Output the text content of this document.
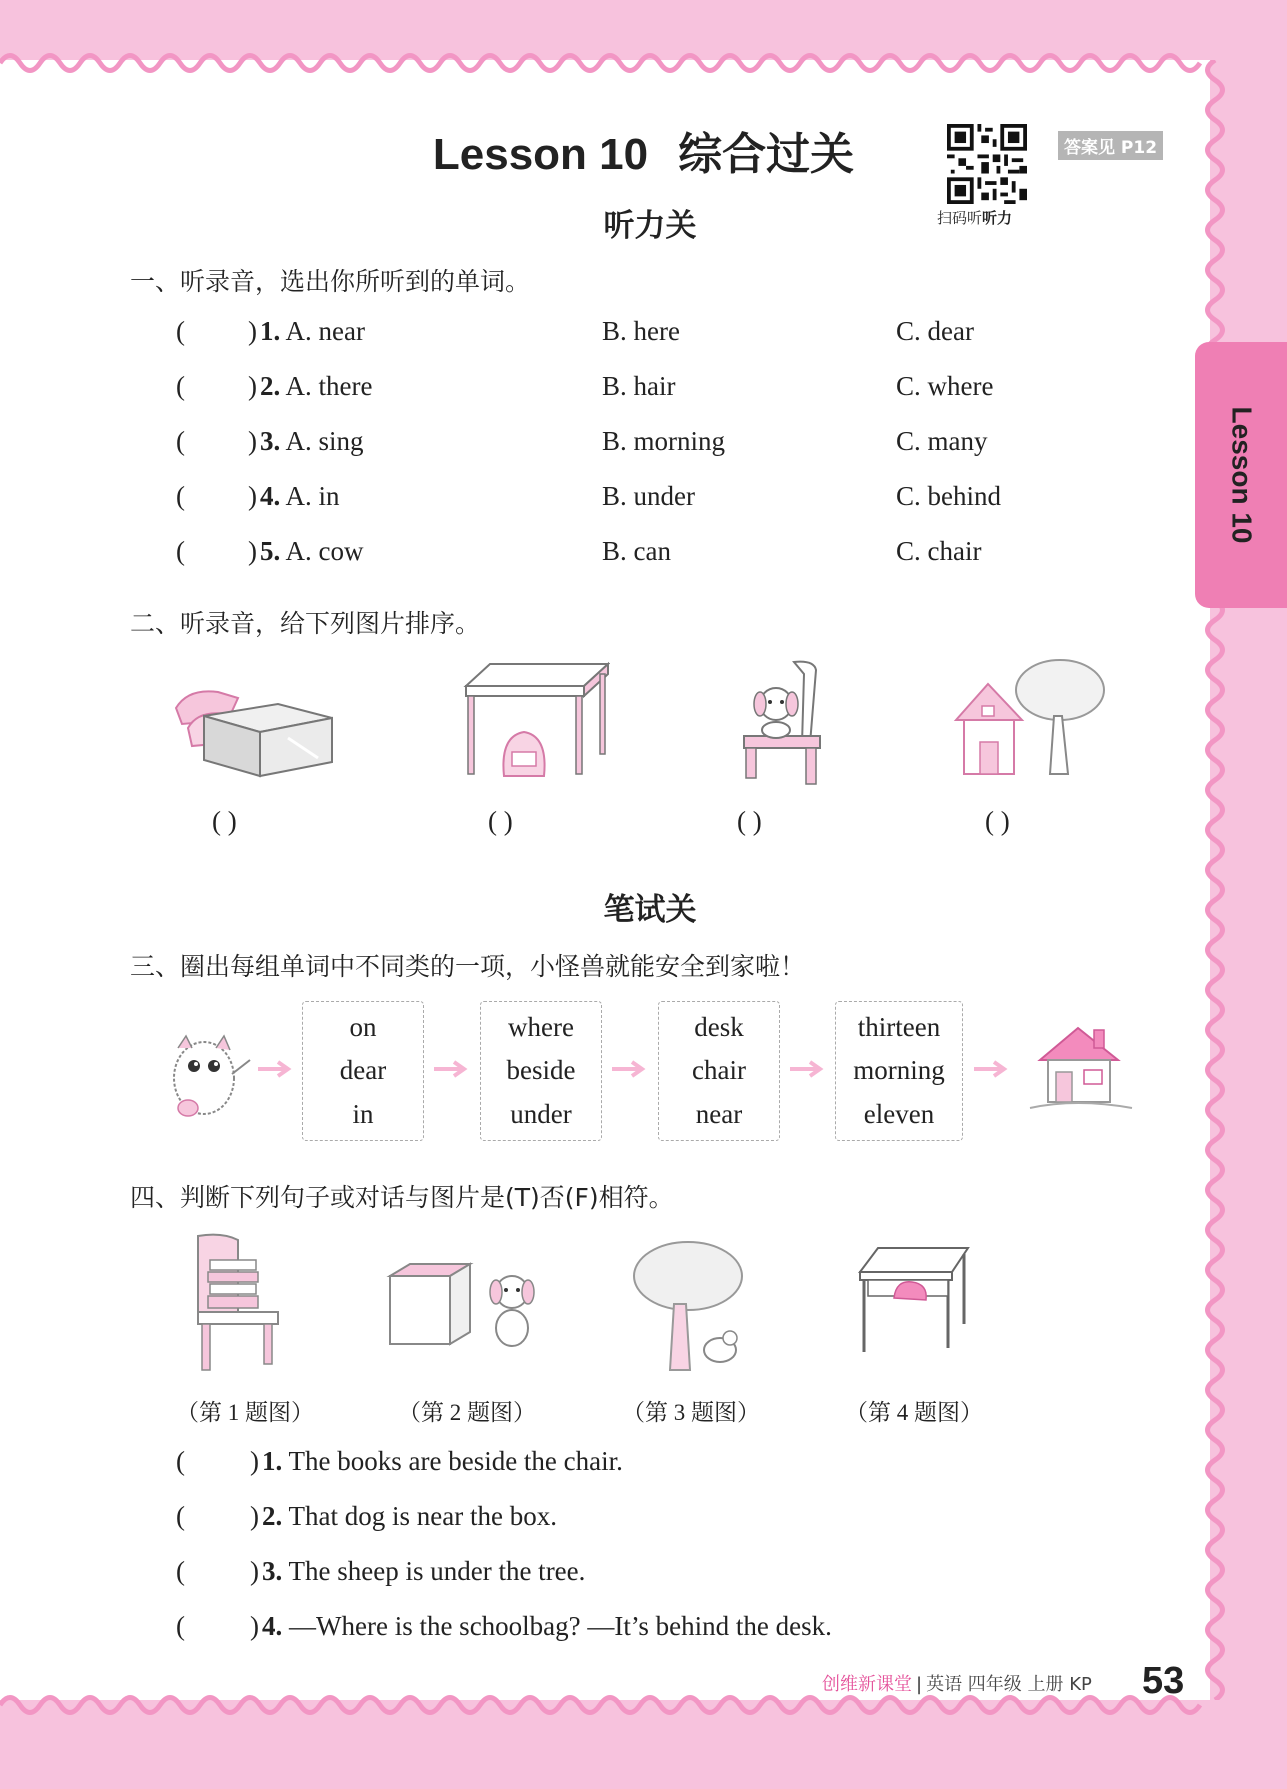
Lesson 10
Lesson 10 综合过关
扫码听听力
答案见 P12
听力关
一、听录音，选出你所听到的单词。
( ) 1. A. near	B. here	C. dear
( ) 2. A. there	B. hair	C. where
( ) 3. A. sing	B. morning	C. many
( ) 4. A. in	B. under	C. behind
( ) 5. A. cow	B. can	C. chair
二、听录音，给下列图片排序。
( )	( )	( )	( )
笔试关
三、圈出每组单词中不同类的一项，小怪兽就能安全到家啦！
on
dear
in
where
beside
under
desk
chair
near
thirteen
morning
eleven
四、判断下列句子或对话与图片是(T)否(F)相符。
（第 1 题图）	（第 2 题图）	（第 3 题图）	（第 4 题图）
( ) 1. The books are beside the chair.
( ) 2. That dog is near the box.
( ) 3. The sheep is under the tree.
( ) 4. —Where is the schoolbag? —It’s behind the desk.
创维新课堂 | 英语 四年级 上册 KP 53
